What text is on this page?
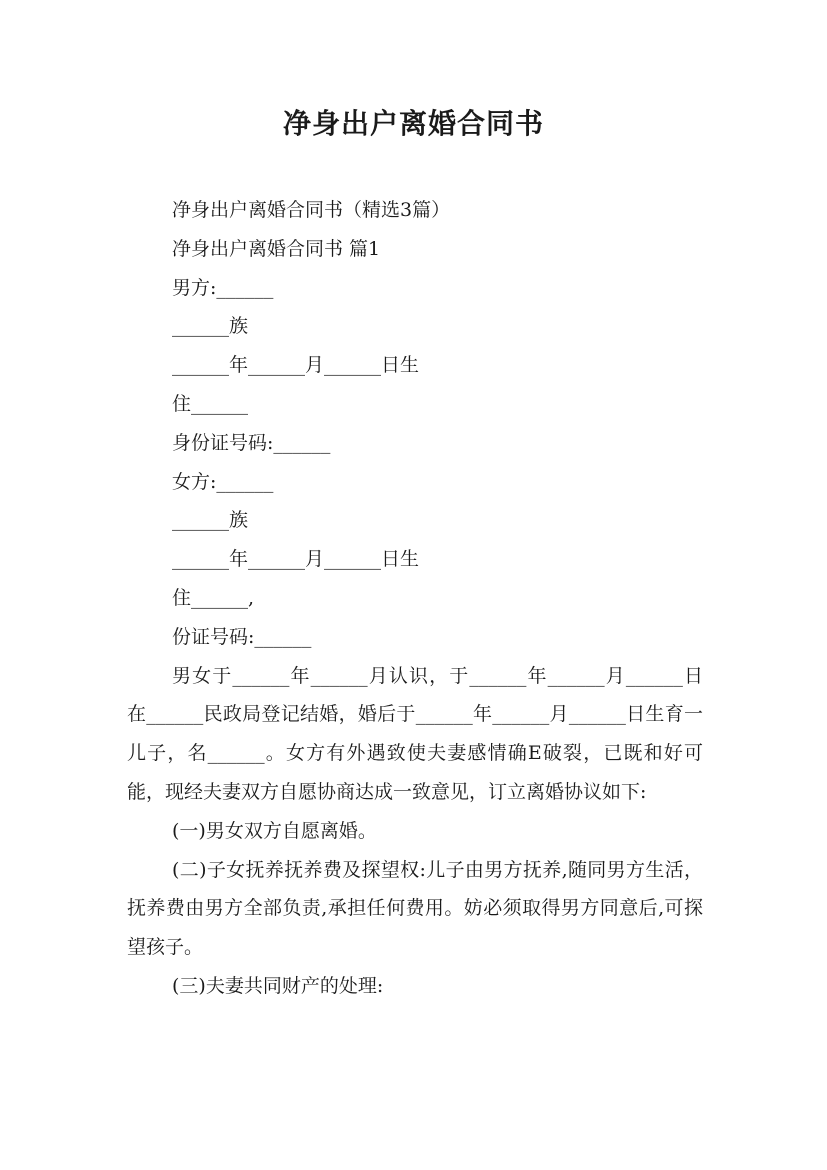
净身出户离婚合同书

净身出户离婚合同书（精选3篇）

净身出户离婚合同书 篇1

男方:______

______族

______年______月______日生

住______

身份证号码:______

女方:______

______族

______年______月______日生

住______,

份证号码:______

男女于______年______月认识，于______年______月______日在______民政局登记结婚，婚后于______年______月______日生育一儿子，名______。女方有外遇致使夫妻感情确E破裂，已既和好可能，现经夫妻双方自愿协商达成一致意见，订立离婚协议如下:

(一)男女双方自愿离婚。

(二)子女抚养抚养费及探望权:儿子由男方抚养,随同男方生活，抚养费由男方全部负责,承担任何费用。妨必须取得男方同意后,可探望孩子。

(三)夫妻共同财产的处理:
